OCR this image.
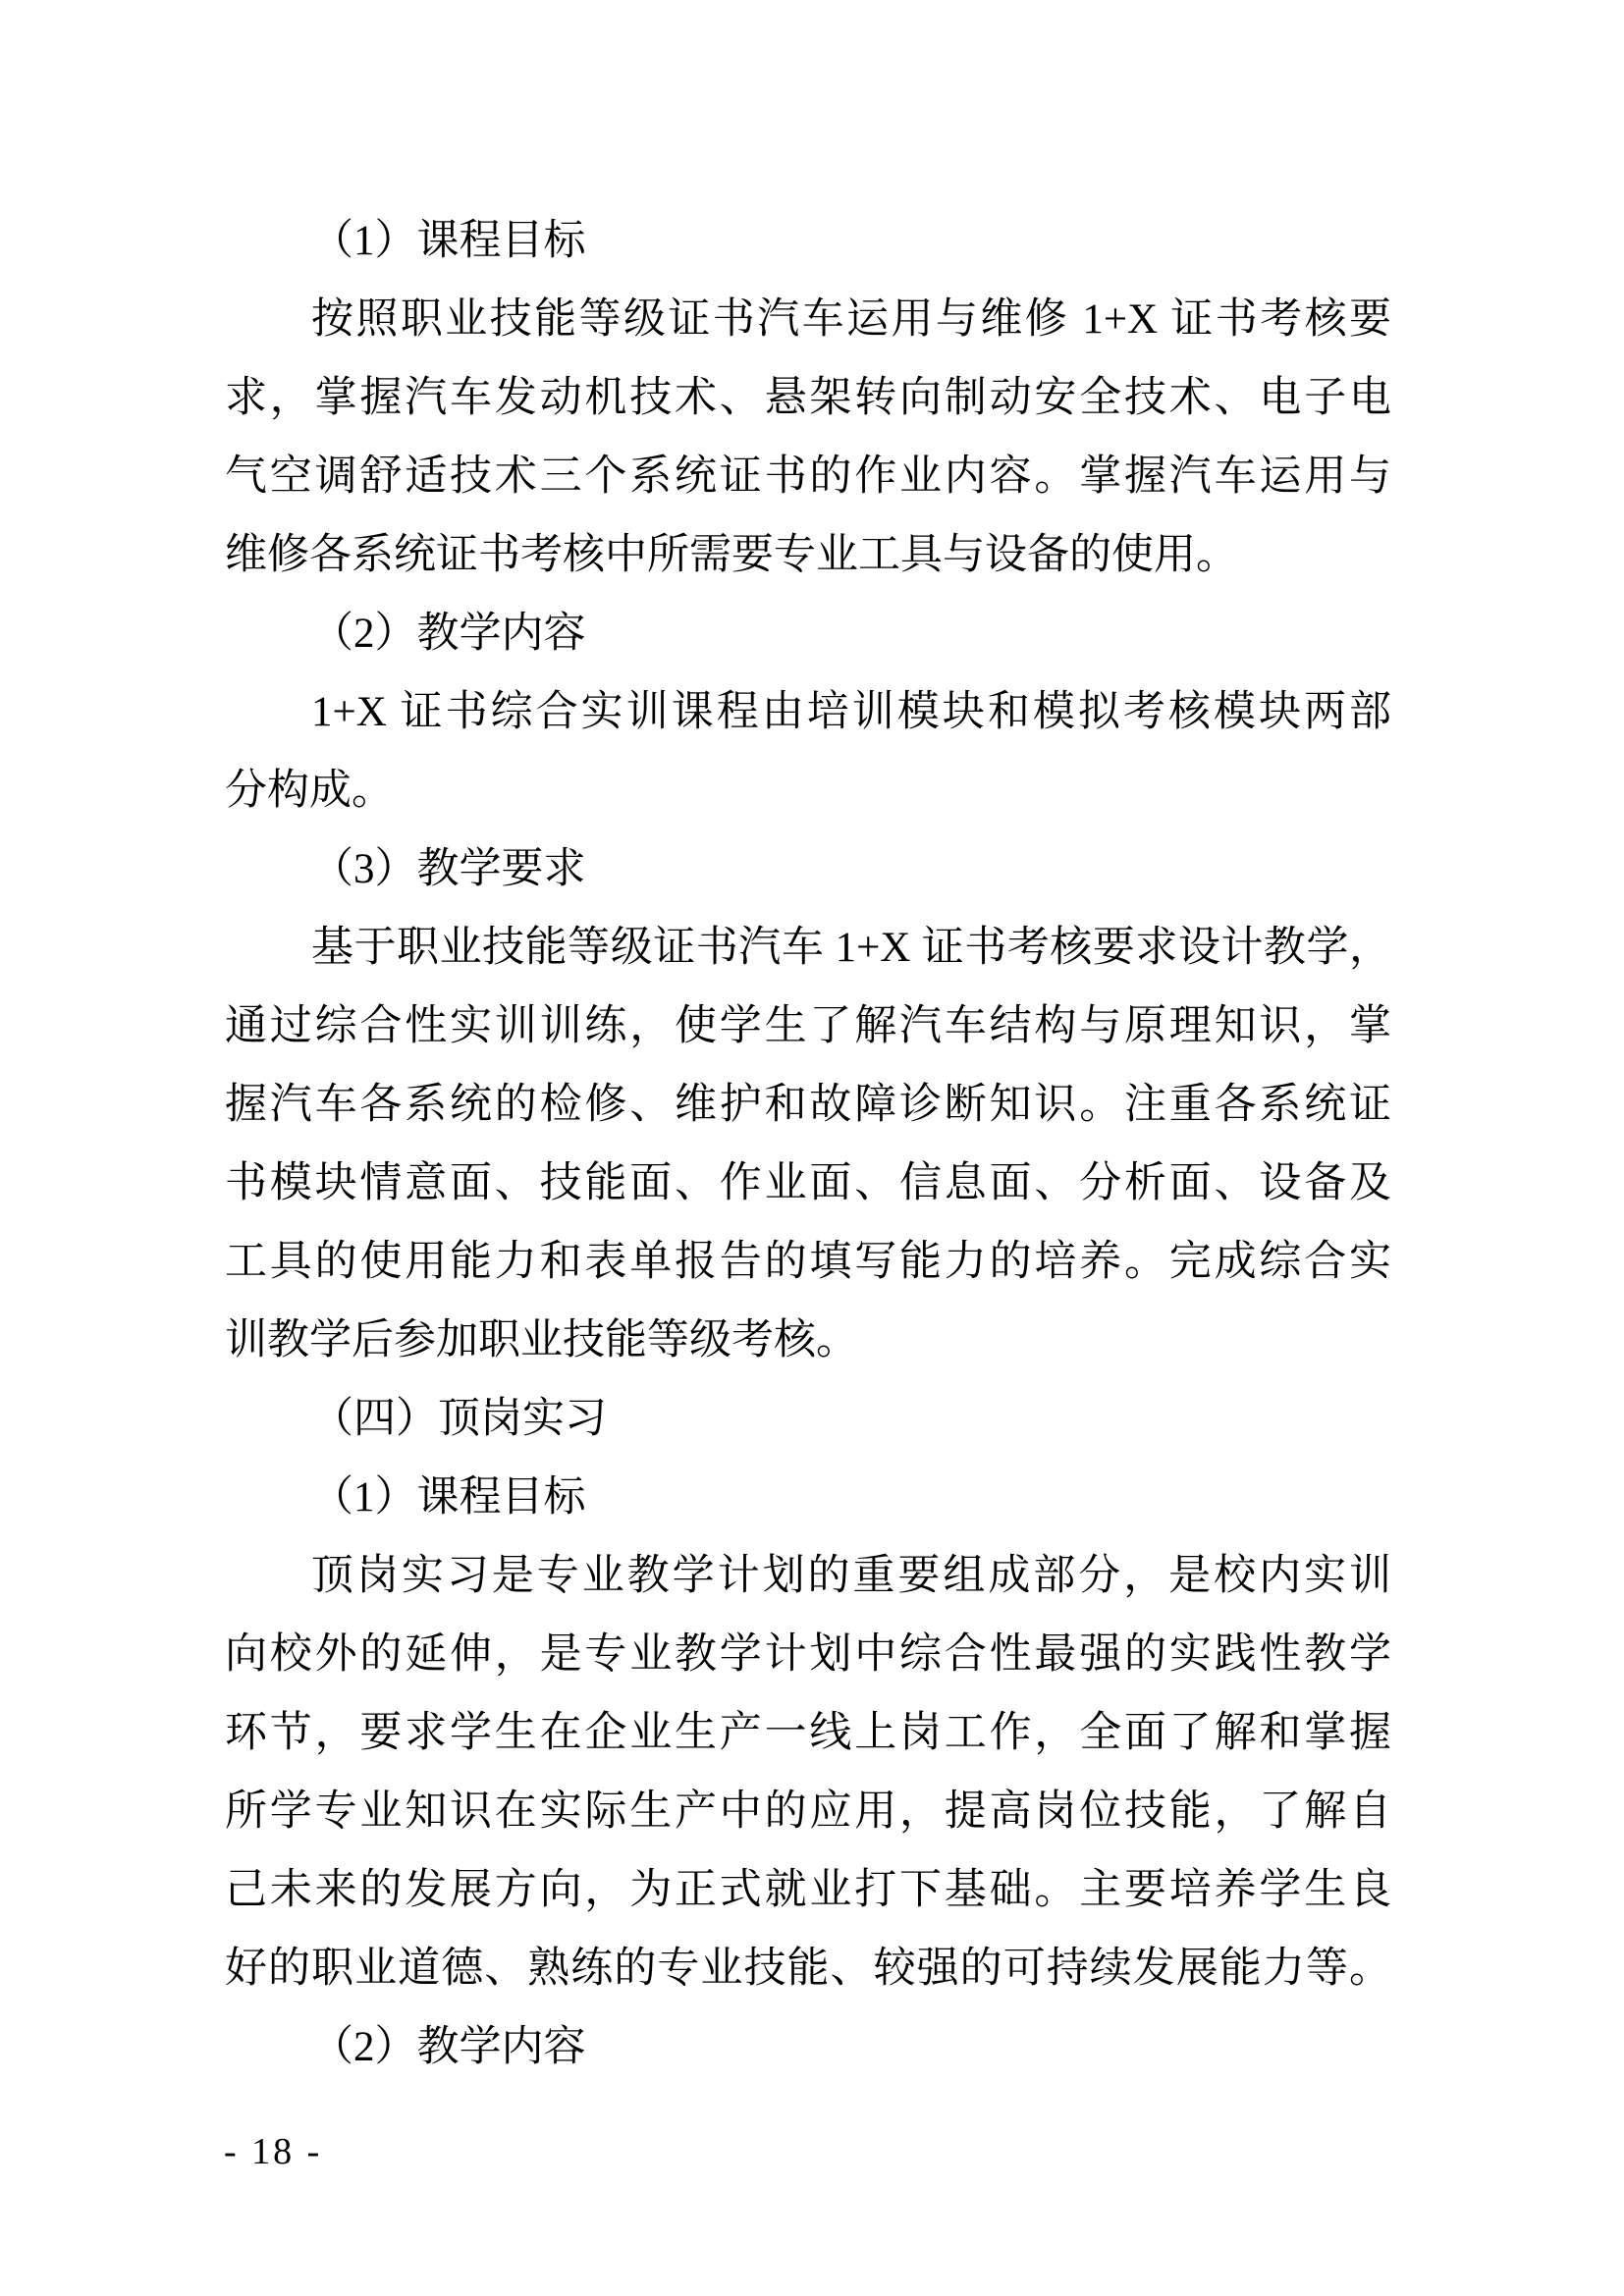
（1）课程目标
按照职业技能等级证书汽车运用与维修 1+X 证书考核要
求，掌握汽车发动机技术、悬架转向制动安全技术、电子电
气空调舒适技术三个系统证书的作业内容。掌握汽车运用与
维修各系统证书考核中所需要专业工具与设备的使用。
（2）教学内容
1+X 证书综合实训课程由培训模块和模拟考核模块两部
分构成。
（3）教学要求
基于职业技能等级证书汽车 1+X 证书考核要求设计教学，
通过综合性实训训练，使学生了解汽车结构与原理知识，掌
握汽车各系统的检修、维护和故障诊断知识。注重各系统证
书模块情意面、技能面、作业面、信息面、分析面、设备及
工具的使用能力和表单报告的填写能力的培养。完成综合实
训教学后参加职业技能等级考核。
（四）顶岗实习
（1）课程目标
顶岗实习是专业教学计划的重要组成部分，是校内实训
向校外的延伸，是专业教学计划中综合性最强的实践性教学
环节，要求学生在企业生产一线上岗工作，全面了解和掌握
所学专业知识在实际生产中的应用，提高岗位技能，了解自
己未来的发展方向，为正式就业打下基础。主要培养学生良
好的职业道德、熟练的专业技能、较强的可持续发展能力等。
（2）教学内容
- 18 -
